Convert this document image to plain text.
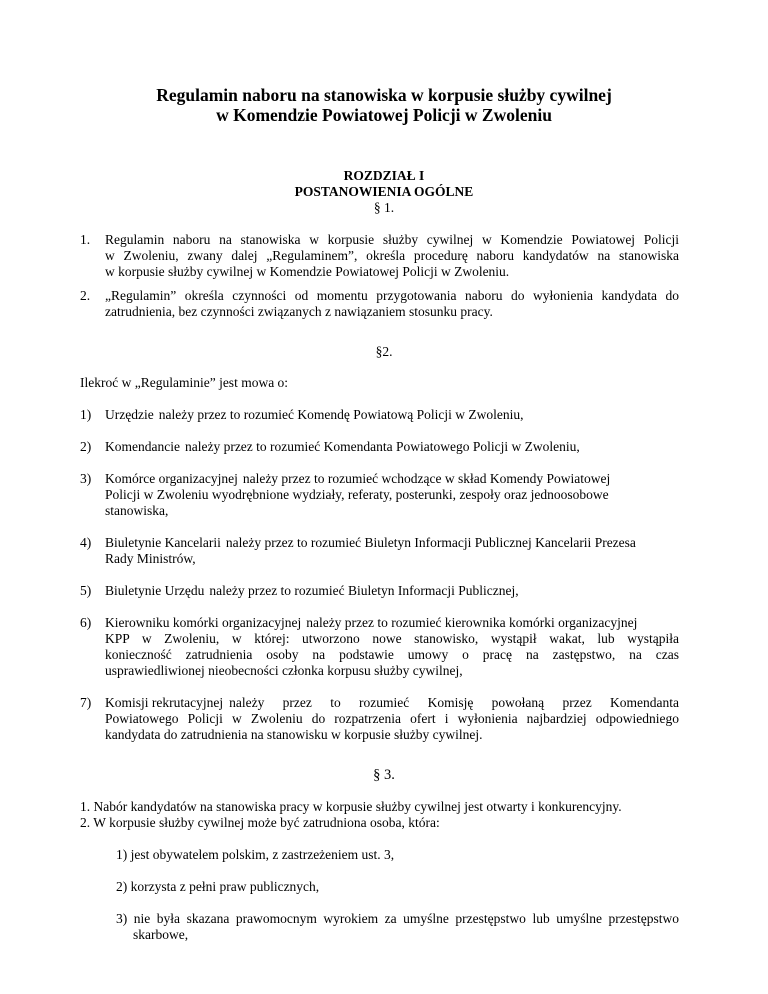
Regulamin naboru na stanowiska w korpusie służby cywilnej
w Komendzie Powiatowej Policji w Zwoleniu
ROZDZIAŁ I
POSTANOWIENIA OGÓLNE
§ 1.
1. Regulamin naboru na stanowiska w korpusie służby cywilnej w Komendzie Powiatowej Policji
w Zwoleniu, zwany dalej „Regulaminem”, określa procedurę naboru kandydatów na stanowiska
w korpusie służby cywilnej w Komendzie Powiatowej Policji w Zwoleniu.
2. „Regulamin” określa czynności od momentu przygotowania naboru do wyłonienia kandydata do
zatrudnienia, bez czynności związanych z nawiązaniem stosunku pracy.
§2.
Ilekroć w „Regulaminie” jest mowa o:
1) Urzędzie należy przez to rozumieć Komendę Powiatową Policji w Zwoleniu,
2) Komendancie należy przez to rozumieć Komendanta Powiatowego Policji w Zwoleniu,
3) Komórce organizacyjnej należy przez to rozumieć wchodzące w skład Komendy Powiatowej
Policji w Zwoleniu wyodrębnione wydziały, referaty, posterunki, zespoły oraz jednoosobowe
stanowiska,
4) Biuletynie Kancelarii należy przez to rozumieć Biuletyn Informacji Publicznej Kancelarii Prezesa
Rady Ministrów,
5) Biuletynie Urzędu należy przez to rozumieć Biuletyn Informacji Publicznej,
6) Kierowniku komórki organizacyjnej należy przez to rozumieć kierownika komórki organizacyjnej
KPP w Zwoleniu, w której: utworzono nowe stanowisko, wystąpił wakat, lub wystąpiła
konieczność zatrudnienia osoby na podstawie umowy o pracę na zastępstwo, na czas
usprawiedliwionej nieobecności członka korpusu służby cywilnej,
7) Komisji rekrutacyjnej należy przez to rozumieć Komisję powołaną przez Komendanta
Powiatowego Policji w Zwoleniu do rozpatrzenia ofert i wyłonienia najbardziej odpowiedniego
kandydata do zatrudnienia na stanowisku w korpusie służby cywilnej.
§ 3.
1. Nabór kandydatów na stanowiska pracy w korpusie służby cywilnej jest otwarty i konkurencyjny.
2. W korpusie służby cywilnej może być zatrudniona osoba, która:
1) jest obywatelem polskim, z zastrzeżeniem ust. 3,
2) korzysta z pełni praw publicznych,
3) nie była skazana prawomocnym wyrokiem za umyślne przestępstwo lub umyślne przestępstwo
skarbowe,
